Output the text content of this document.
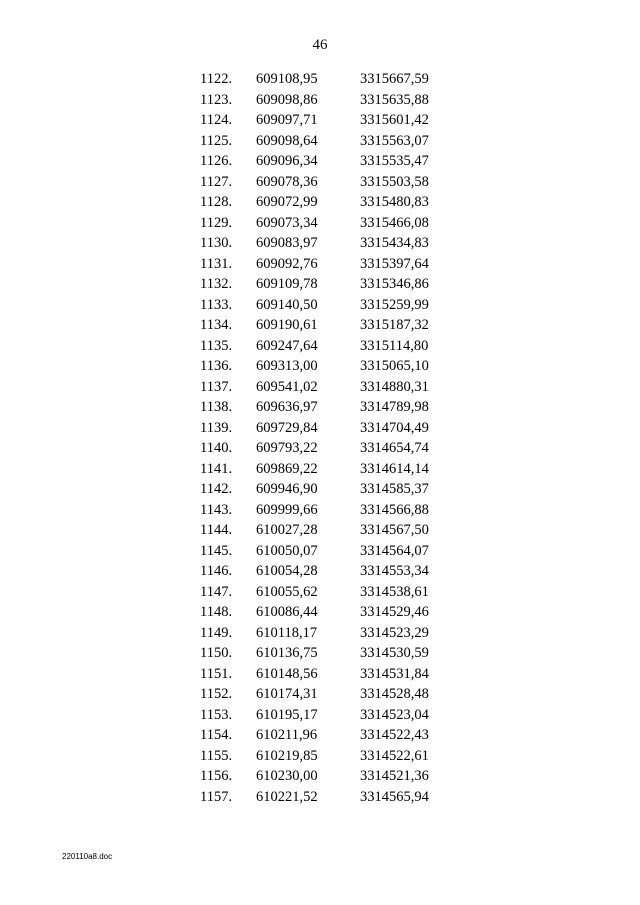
46
1122. 609108,95	3315667,59
1123. 609098,86	3315635,88
1124. 609097,71	3315601,42
1125. 609098,64	3315563,07
1126. 609096,34	3315535,47
1127. 609078,36	3315503,58
1128. 609072,99	3315480,83
1129. 609073,34	3315466,08
1130. 609083,97	3315434,83
1131. 609092,76	3315397,64
1132. 609109,78	3315346,86
1133. 609140,50	3315259,99
1134. 609190,61	3315187,32
1135. 609247,64	3315114,80
1136. 609313,00	3315065,10
1137. 609541,02	3314880,31
1138. 609636,97	3314789,98
1139. 609729,84	3314704,49
1140. 609793,22	3314654,74
1141. 609869,22	3314614,14
1142. 609946,90	3314585,37
1143. 609999,66	3314566,88
1144. 610027,28	3314567,50
1145. 610050,07	3314564,07
1146. 610054,28	3314553,34
1147. 610055,62	3314538,61
1148. 610086,44	3314529,46
1149. 610118,17	3314523,29
1150. 610136,75	3314530,59
1151. 610148,56	3314531,84
1152. 610174,31	3314528,48
1153. 610195,17	3314523,04
1154. 610211,96	3314522,43
1155. 610219,85	3314522,61
1156. 610230,00	3314521,36
1157. 610221,52	3314565,94
220110a8.doc
